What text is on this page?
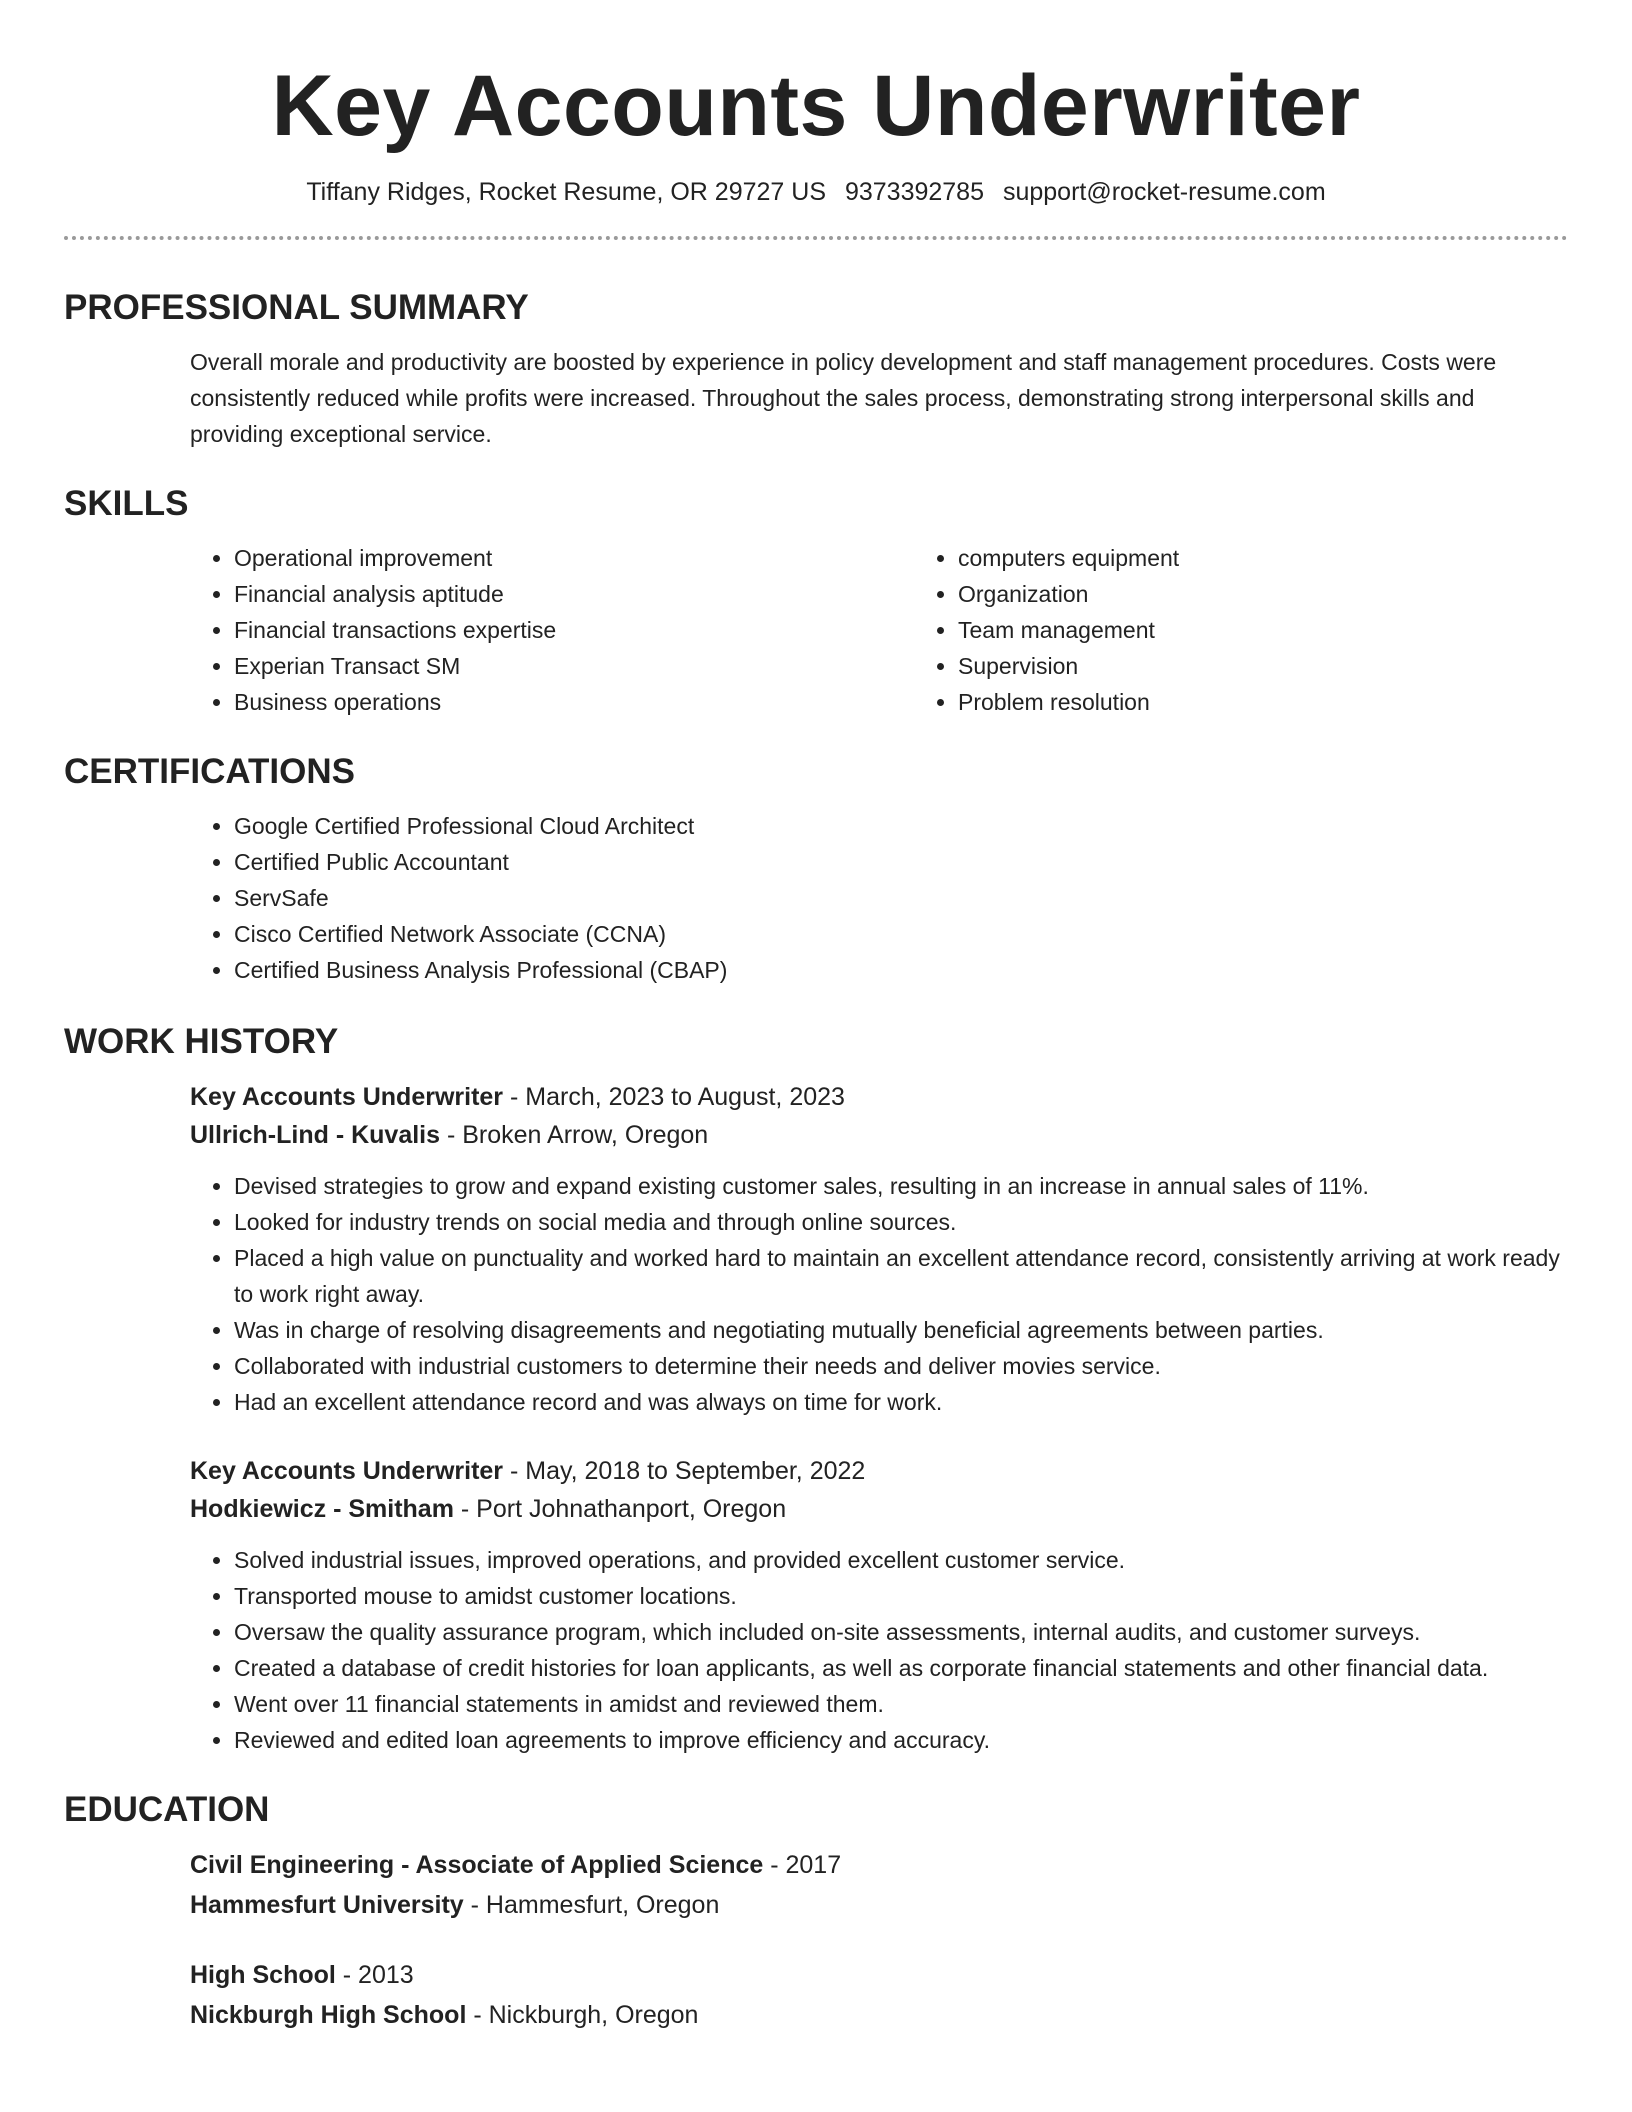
Key Accounts Underwriter
Tiffany Ridges, Rocket Resume, OR 29727 US 9373392785 support@rocket-resume.com
PROFESSIONAL SUMMARY

Overall morale and productivity are boosted by experience in policy development and staff management procedures. Costs were consistently reduced while profits were increased. Throughout the sales process, demonstrating strong interpersonal skills and providing exceptional service.

SKILLS
• Operational improvement
• Financial analysis aptitude
• Financial transactions expertise
• Experian Transact SM
• Business operations
• computers equipment
• Organization
• Team management
• Supervision
• Problem resolution
CERTIFICATIONS
• Google Certified Professional Cloud Architect
• Certified Public Accountant
• ServSafe
• Cisco Certified Network Associate (CCNA)
• Certified Business Analysis Professional (CBAP)
WORK HISTORY
Key Accounts Underwriter - March, 2023 to August, 2023
Ullrich-Lind - Kuvalis - Broken Arrow, Oregon
• Devised strategies to grow and expand existing customer sales, resulting in an increase in annual sales of 11%.
• Looked for industry trends on social media and through online sources.
• Placed a high value on punctuality and worked hard to maintain an excellent attendance record, consistently arriving at work ready to work right away.
• Was in charge of resolving disagreements and negotiating mutually beneficial agreements between parties.
• Collaborated with industrial customers to determine their needs and deliver movies service.
• Had an excellent attendance record and was always on time for work.
Key Accounts Underwriter - May, 2018 to September, 2022
Hodkiewicz - Smitham - Port Johnathanport, Oregon
• Solved industrial issues, improved operations, and provided excellent customer service.
• Transported mouse to amidst customer locations.
• Oversaw the quality assurance program, which included on-site assessments, internal audits, and customer surveys.
• Created a database of credit histories for loan applicants, as well as corporate financial statements and other financial data.
• Went over 11 financial statements in amidst and reviewed them.
• Reviewed and edited loan agreements to improve efficiency and accuracy.
EDUCATION
Civil Engineering - Associate of Applied Science - 2017
Hammesfurt University - Hammesfurt, Oregon
High School - 2013
Nickburgh High School - Nickburgh, Oregon
